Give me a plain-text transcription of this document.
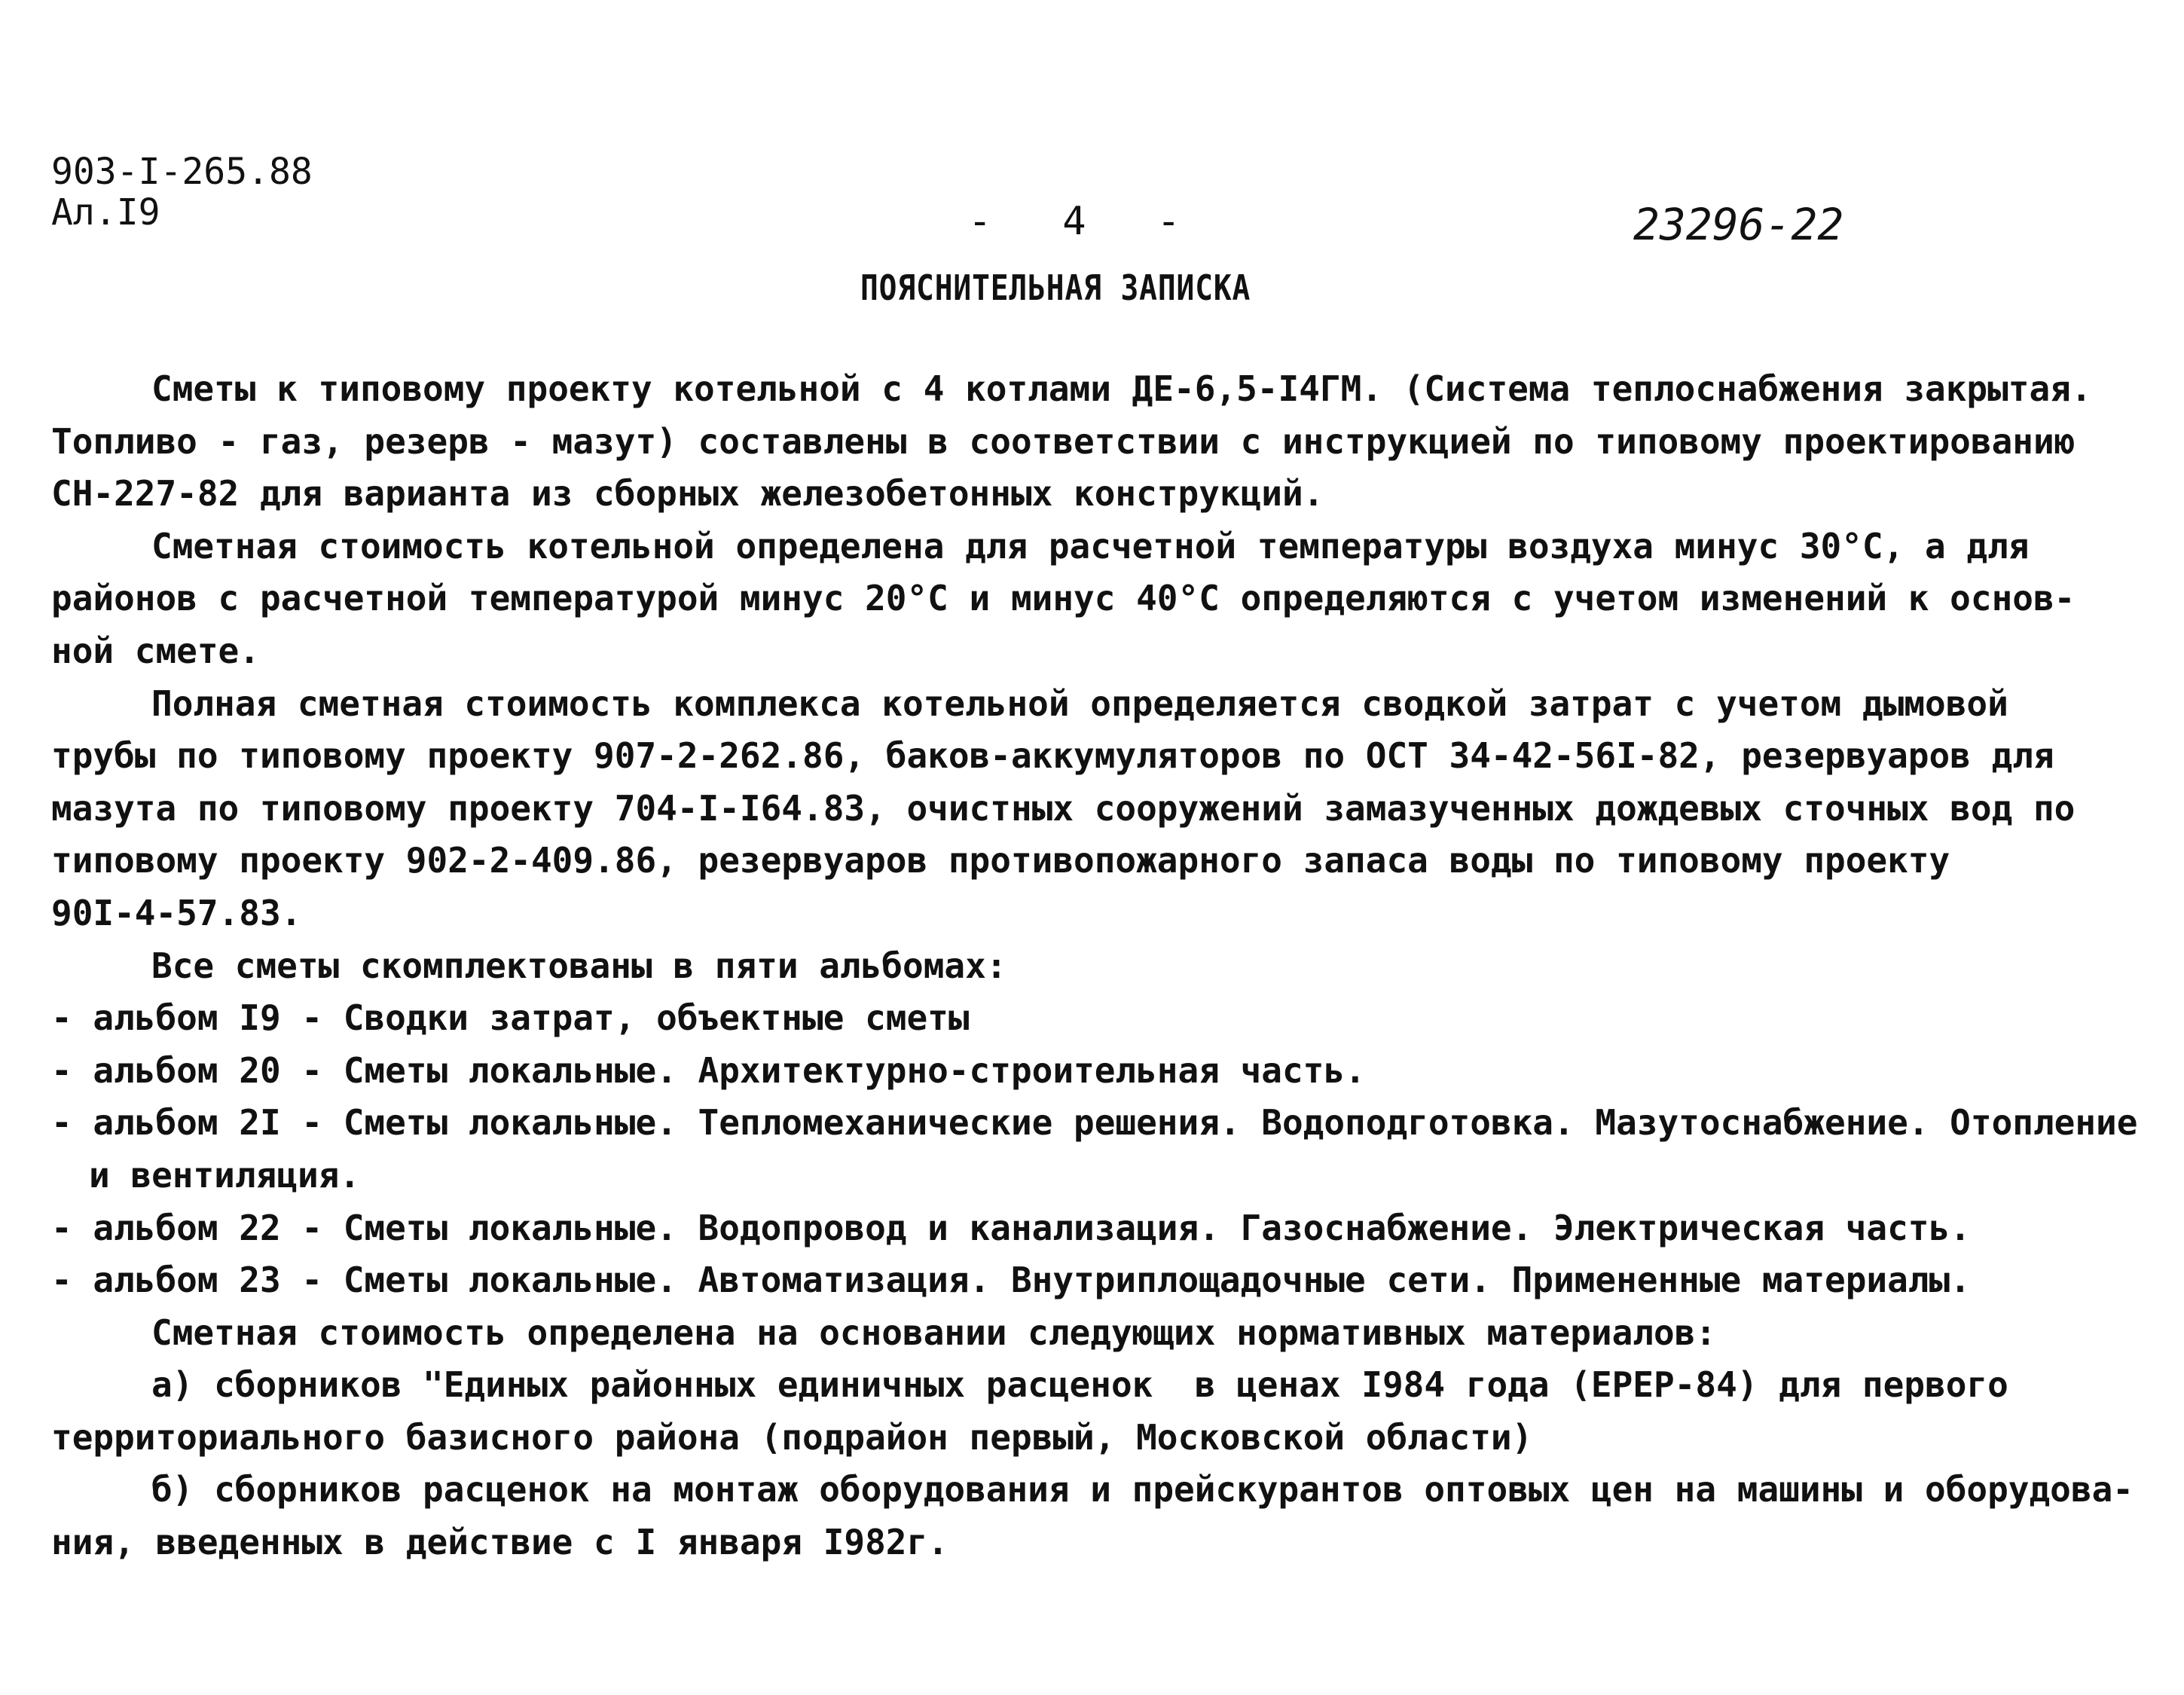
903-I-265.88
Ал.I9	-   4   -	23296-22
ПОЯСНИТЕЛЬНАЯ ЗАПИСКА
Сметы к типовому проекту котельной с 4 котлами ДЕ-6,5-I4ГМ. (Система теплоснабжения закрытая.
Топливо - газ, резерв - мазут) составлены в соответствии с инструкцией по типовому проектированию
СН-227-82 для варианта из сборных железобетонных конструкций.
Сметная стоимость котельной определена для расчетной температуры воздуха минус 30°С, а для
районов с расчетной температурой минус 20°С и минус 40°С определяются с учетом изменений к основ-
ной смете.
Полная сметная стоимость комплекса котельной определяется сводкой затрат с учетом дымовой
трубы по типовому проекту 907-2-262.86, баков-аккумуляторов по ОСТ 34-42-56I-82, резервуаров для
мазута по типовому проекту 704-I-I64.83, очистных сооружений замазученных дождевых сточных вод по
типовому проекту 902-2-409.86, резервуаров противопожарного запаса воды по типовому проекту
90I-4-57.83.
Все сметы скомплектованы в пяти альбомах:
- альбом I9 - Сводки затрат, объектные сметы
- альбом 20 - Сметы локальные. Архитектурно-строительная часть.
- альбом 2I - Сметы локальные. Тепломеханические решения. Водоподготовка. Мазутоснабжение. Отопление
и вентиляция.
- альбом 22 - Сметы локальные. Водопровод и канализация. Газоснабжение. Электрическая часть.
- альбом 23 - Сметы локальные. Автоматизация. Внутриплощадочные сети. Примененные материалы.
Сметная стоимость определена на основании следующих нормативных материалов:
а) сборников "Единых районных единичных расценок  в ценах I984 года (ЕРЕР-84) для первого
территориального базисного района (подрайон первый, Московской области)
б) сборников расценок на монтаж оборудования и прейскурантов оптовых цен на машины и оборудова-
ния, введенных в действие с I января I982г.
